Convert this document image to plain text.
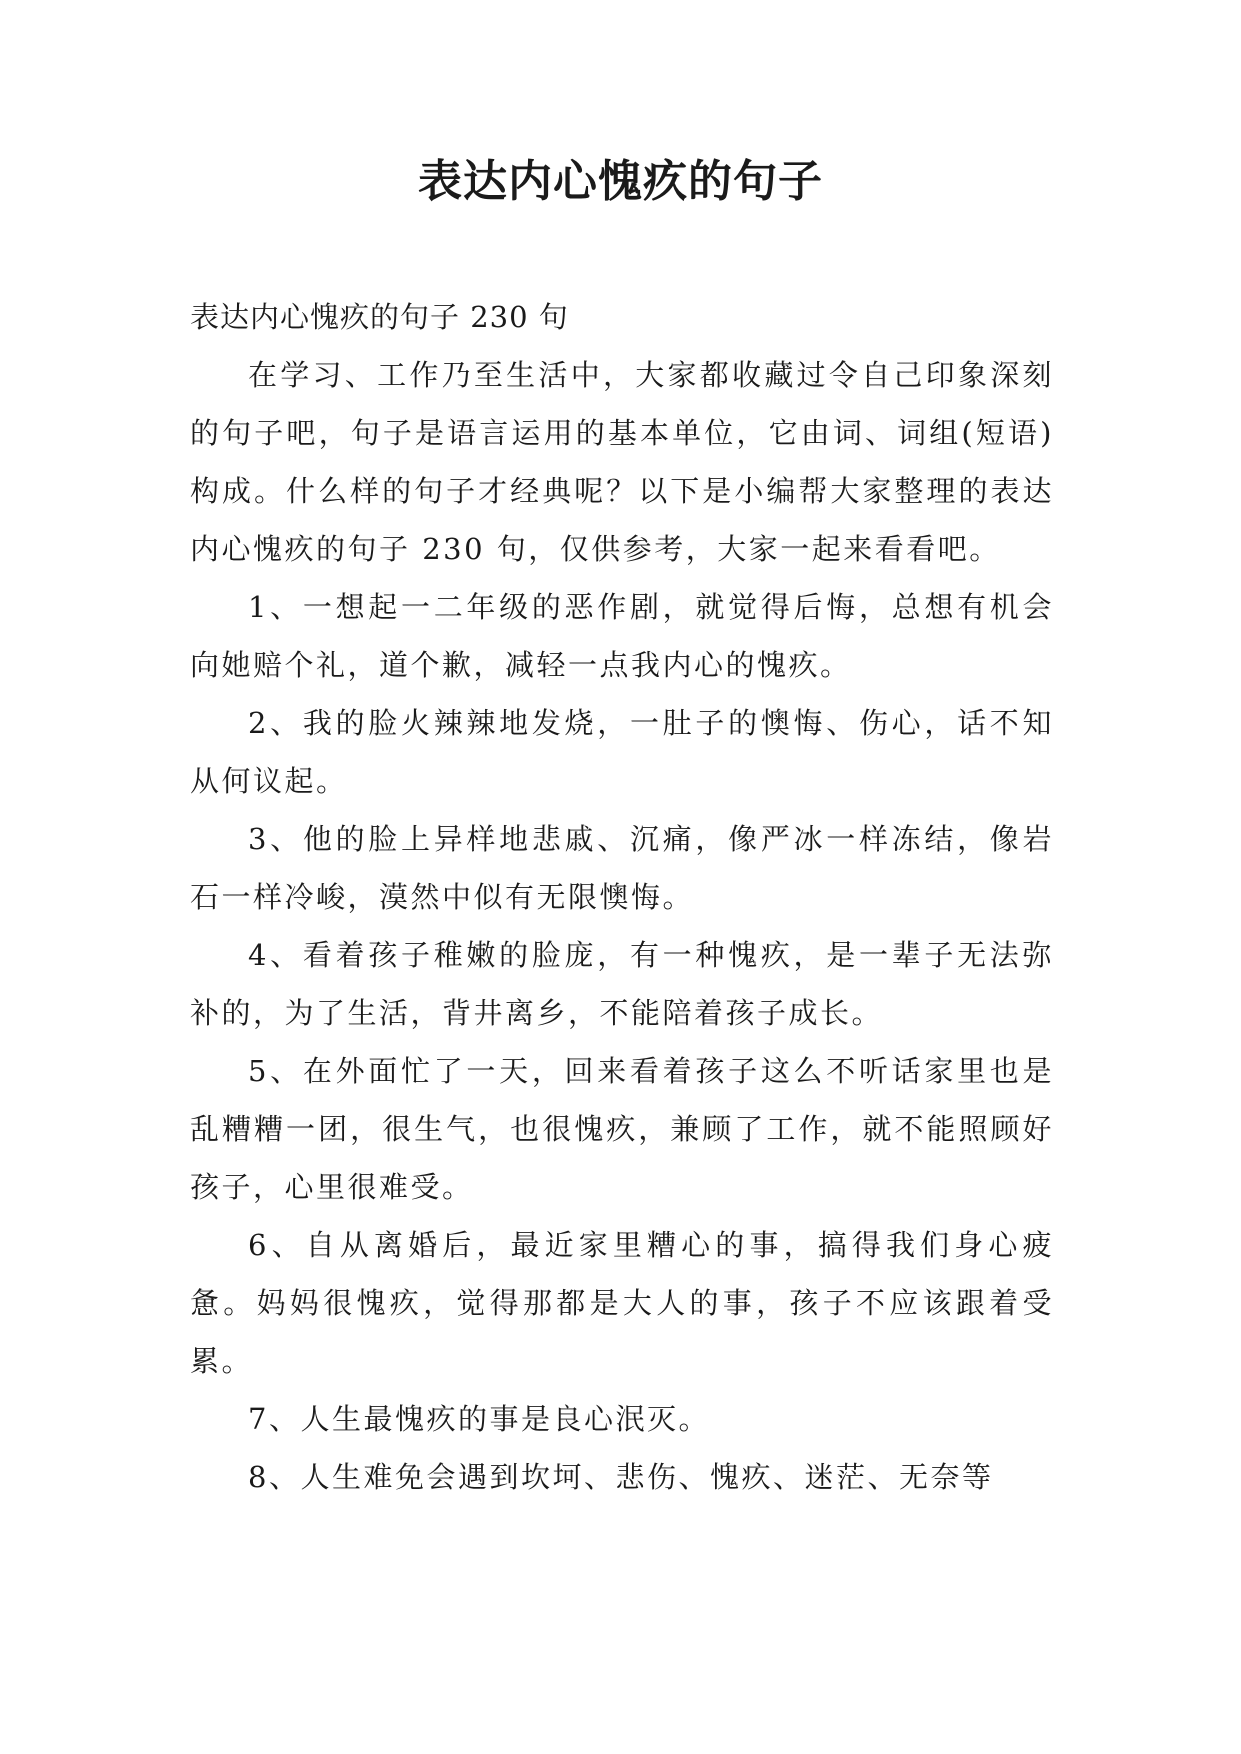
表达内心愧疚的句子

表达内心愧疚的句子 230 句

在学习、工作乃至生活中，大家都收藏过令自己印象深刻的句子吧，句子是语言运用的基本单位，它由词、词组(短语)构成。什么样的句子才经典呢？以下是小编帮大家整理的表达内心愧疚的句子 230 句，仅供参考，大家一起来看看吧。

1、一想起一二年级的恶作剧，就觉得后悔，总想有机会向她赔个礼，道个歉，减轻一点我内心的愧疚。

2、我的脸火辣辣地发烧，一肚子的懊悔、伤心，话不知从何议起。

3、他的脸上异样地悲戚、沉痛，像严冰一样冻结，像岩石一样冷峻，漠然中似有无限懊悔。

4、看着孩子稚嫩的脸庞，有一种愧疚，是一辈子无法弥补的，为了生活，背井离乡，不能陪着孩子成长。

5、在外面忙了一天，回来看着孩子这么不听话家里也是乱糟糟一团，很生气，也很愧疚，兼顾了工作，就不能照顾好孩子，心里很难受。

6、自从离婚后，最近家里糟心的事，搞得我们身心疲惫。妈妈很愧疚，觉得那都是大人的事，孩子不应该跟着受累。

7、人生最愧疚的事是良心泯灭。

8、人生难免会遇到坎坷、悲伤、愧疚、迷茫、无奈等
